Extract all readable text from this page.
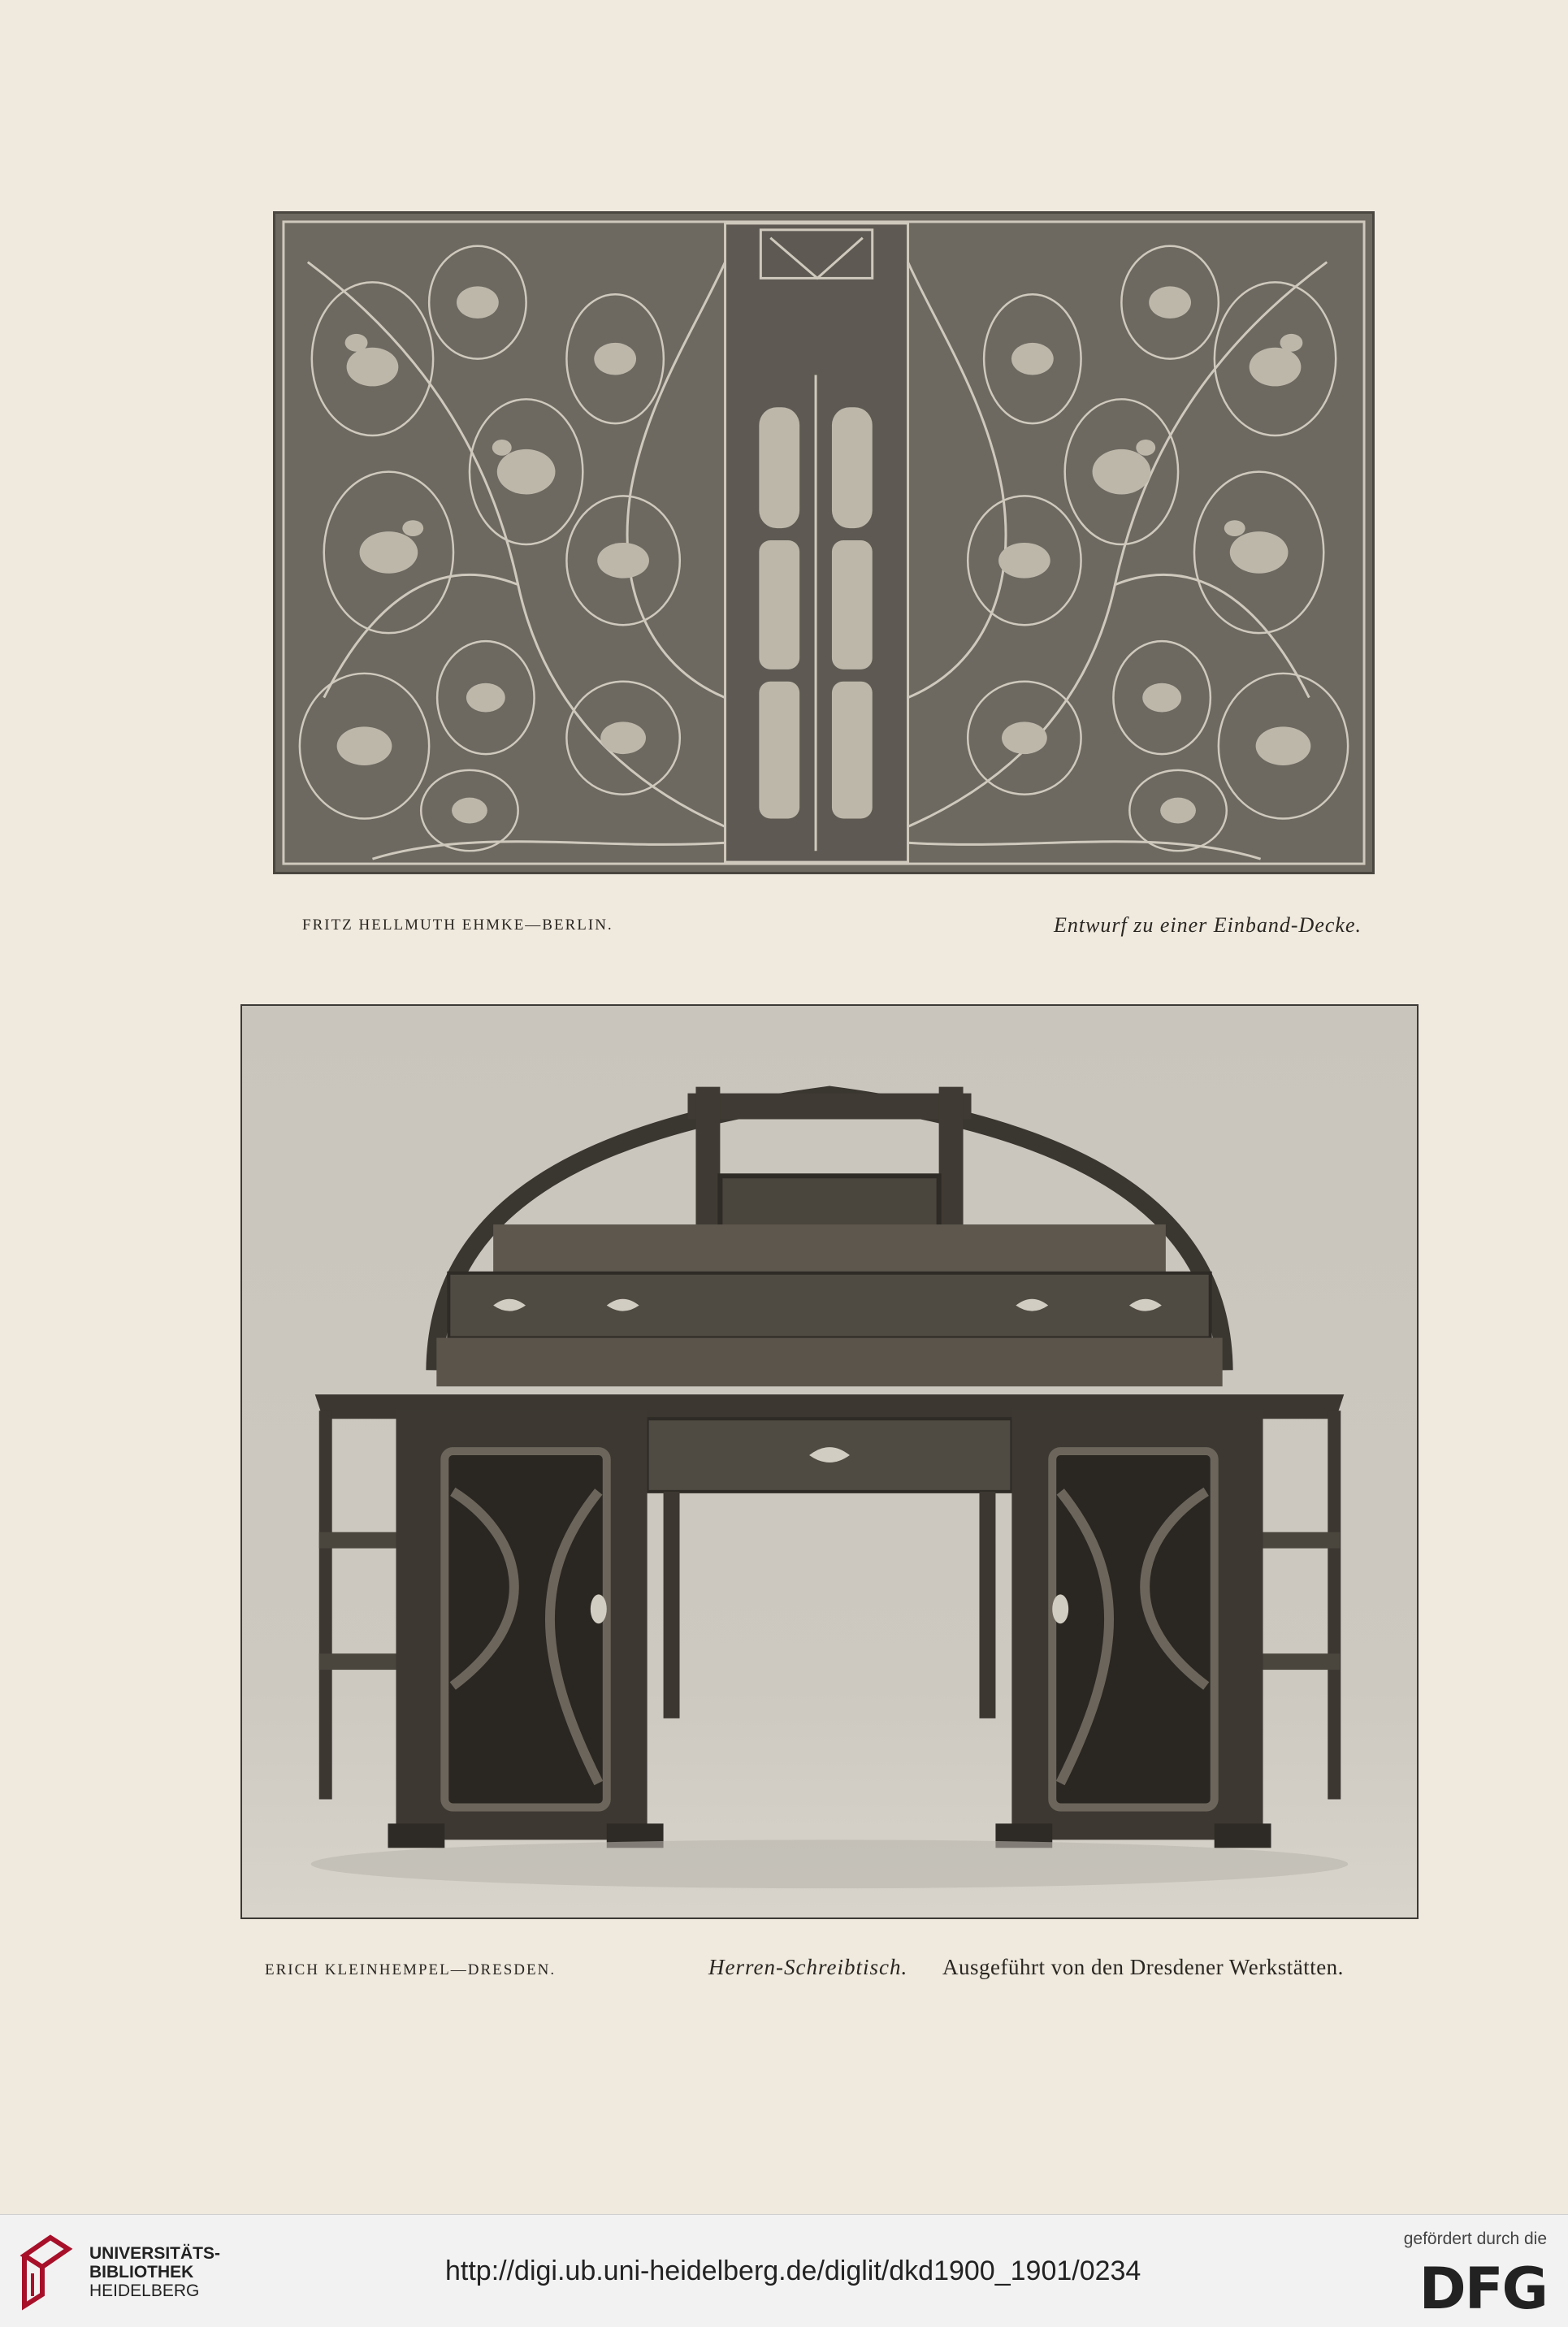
FRITZ HELLMUTH EHMKE—BERLIN.	Entwurf zu einer Einband-Decke.
ERICH KLEINHEMPEL—DRESDEN.	Herren-Schreibtisch. Ausgeführt von den Dresdener Werkstätten.
UNIVERSITÄTS-
BIBLIOTHEK
HEIDELBERG
http://digi.ub.uni-heidelberg.de/diglit/dkd1900_1901/0234
gefördert durch die
DFG
